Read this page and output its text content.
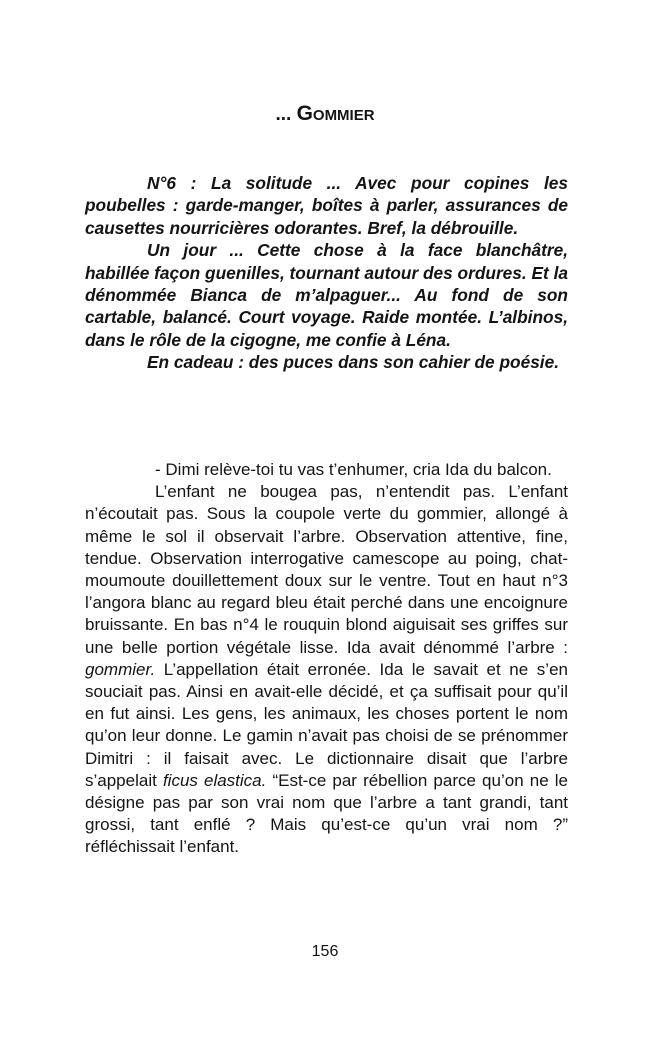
... Gommier

N°6 : La solitude ... Avec pour copines les poubelles : garde-manger, boîtes à parler, assurances de causettes nourricières odorantes. Bref, la débrouille.

Un jour ... Cette chose à la face blanchâtre, habillée façon guenilles, tournant autour des ordures. Et la dénommée Bianca de m’alpaguer... Au fond de son cartable, balancé. Court voyage. Raide montée. L’albinos, dans le rôle de la cigogne, me confie à Léna.

En cadeau : des puces dans son cahier de poésie.

- Dimi relève-toi tu vas t’enhumer, cria Ida du balcon.

L’enfant ne bougea pas, n’entendit pas. L’enfant n’écoutait pas. Sous la coupole verte du gommier, allongé à même le sol il observait l’arbre. Observation attentive, fine, tendue. Observation interrogative camescope au poing, chat-moumoute douillettement doux sur le ventre. Tout en haut n°3 l’angora blanc au regard bleu était perché dans une encoignure bruissante. En bas n°4 le rouquin blond aiguisait ses griffes sur une belle portion végétale lisse. Ida avait dénommé l’arbre : gommier. L’appellation était erronée. Ida le savait et ne s’en souciait pas. Ainsi en avait-elle décidé, et ça suffisait pour qu’il en fut ainsi. Les gens, les animaux, les choses portent le nom qu’on leur donne. Le gamin n’avait pas choisi de se prénommer Dimitri : il faisait avec. Le dictionnaire disait que l’arbre s’appelait ficus elastica. “Est-ce par rébellion parce qu’on ne le désigne pas par son vrai nom que l’arbre a tant grandi, tant grossi, tant enflé ? Mais qu’est-ce qu’un vrai nom ?” réfléchissait l’enfant.

156
